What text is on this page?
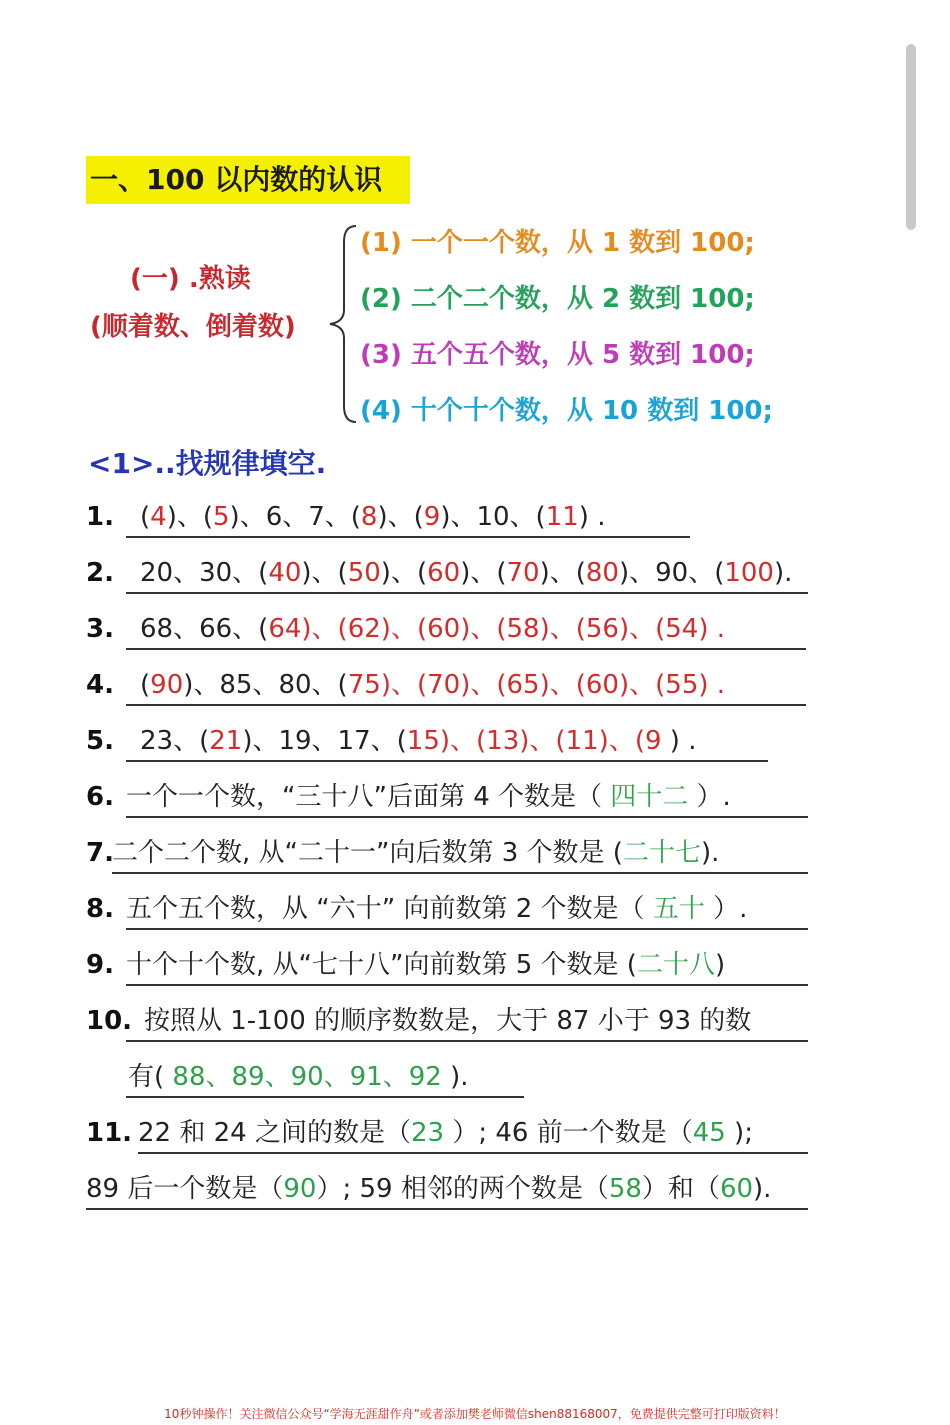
一、100 以内数的认识
(一) .熟读
(顺着数、倒着数)
(1) 一个一个数，从 1 数到 100;
(2) 二个二个数，从 2 数到 100;
(3) 五个五个数，从 5 数到 100;
(4) 十个十个数，从 10 数到 100;
<1>..找规律填空.
1. (4)、(5)、6、7、(8)、(9)、10、(11) .
2. 20、30、(40)、(50)、(60)、(70)、(80)、90、(100).
3. 68、66、(64)、(62)、(60)、(58)、(56)、(54) .
4. (90)、85、80、(75)、(70)、(65)、(60)、(55) .
5. 23、(21)、19、17、(15)、(13)、(11)、(9 ) .
6. 一个一个数，“三十八”后面第 4 个数是（ 四十二 ）.
7.
二个二个数, 从“二十一”向后数第 3 个数是 (二十七).
8. 五个五个数，从 “六十” 向前数第 2 个数是（ 五十 ）.
9. 十个十个数, 从“七十八”向前数第 5 个数是 (二十八)
10. 按照从 1-100 的顺序数数是，大于 87 小于 93 的数
有( 88、89、90、91、92 ).
11. 22 和 24 之间的数是（23 ）; 46 前一个数是（45 );
89 后一个数是（90）; 59 相邻的两个数是（58）和（60).
10秒钟操作！关注微信公众号“学海无涯甜作舟”或者添加樊老师微信shen88168007，免费提供完整可打印版资料！
